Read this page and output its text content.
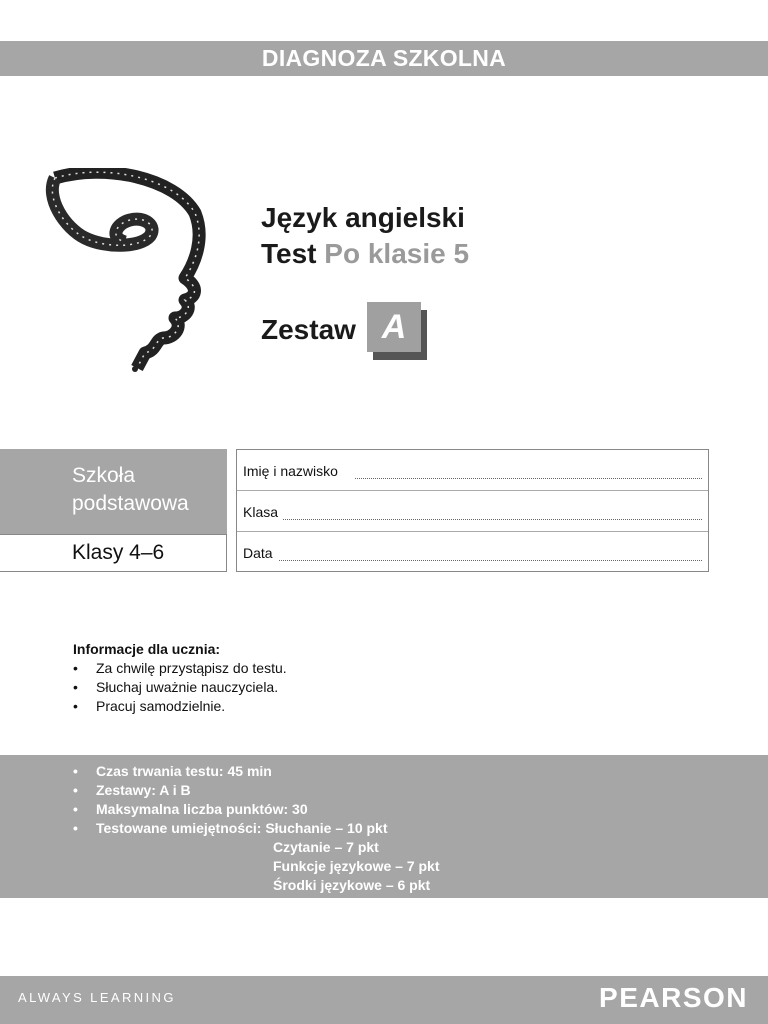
DIAGNOZA SZKOLNA
Język angielski
Test Po klasie 5
Zestaw A
Szkoła
podstawowa
Klasy 4–6
Imię i nazwisko
Klasa
Data
Informacje dla ucznia:
• Za chwilę przystąpisz do testu.
• Słuchaj uważnie nauczyciela.
• Pracuj samodzielnie.
• Czas trwania testu: 45 min
• Zestawy: A i B
• Maksymalna liczba punktów: 30
• Testowane umiejętności: Słuchanie – 10 pkt
Czytanie – 7 pkt
Funkcje językowe – 7 pkt
Środki językowe – 6 pkt
ALWAYS LEARNING	PEARSON
